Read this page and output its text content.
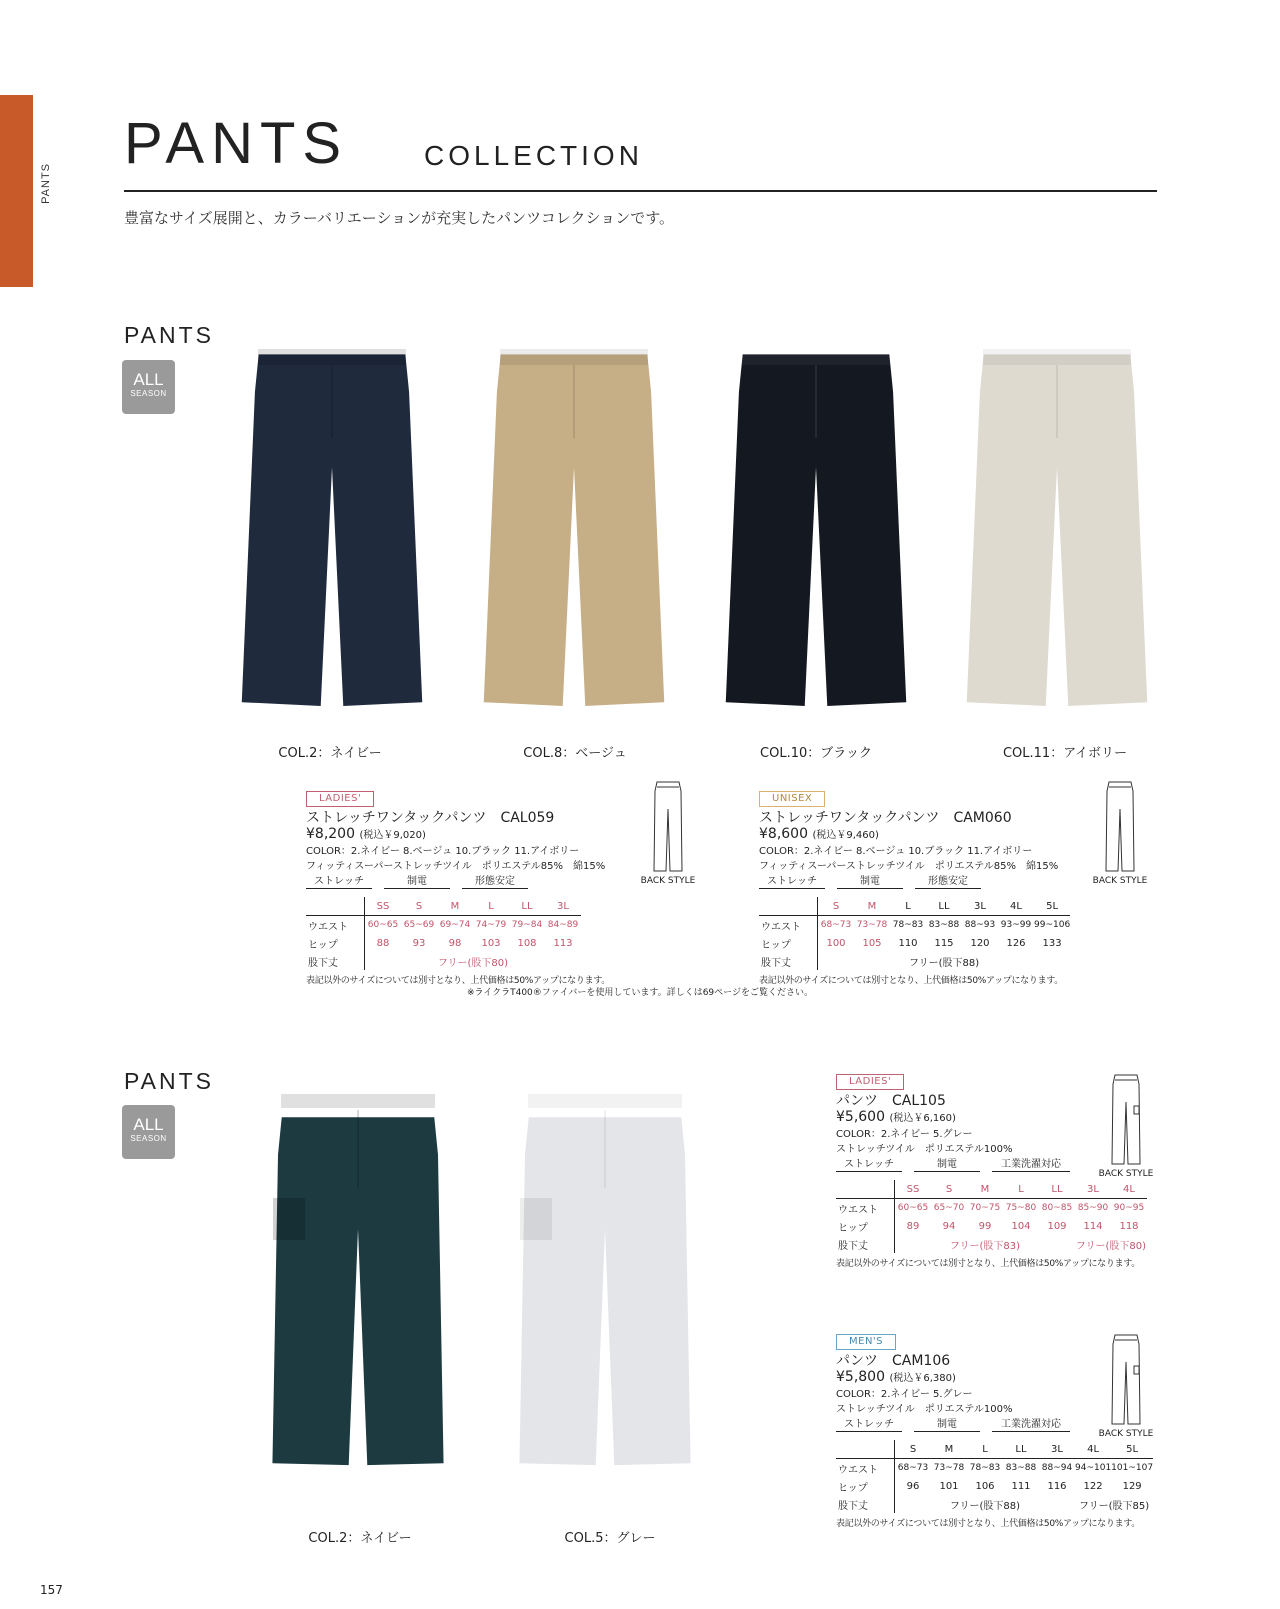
PANTS
PANTS	COLLECTION
豊富なサイズ展開と、カラーバリエーションが充実したパンツコレクションです。
PANTS
ALL
SEASON
COL.2：ネイビー	COL.8：ベージュ	COL.10：ブラック	COL.11：アイボリー
LADIES'
ストレッチワンタックパンツ　CAL059
¥8,200 (税込￥9,020)
COLOR：2.ネイビー 8.ベージュ 10.ブラック 11.アイボリー
フィッティスーパーストレッチツイル　ポリエステル85%　綿15%
ストレッチ	制電	形態安定
	SS	S	M	L	LL	3L
ウエスト	60~65	65~69	69~74	74~79	79~84	84~89
ヒップ	88	93	98	103	108	113
股下丈	フリー(股下80)					
表記以外のサイズについては別寸となり、上代価格は50%アップになります。
BACK STYLE
UNISEX
ストレッチワンタックパンツ　CAM060
¥8,600 (税込￥9,460)
COLOR：2.ネイビー 8.ベージュ 10.ブラック 11.アイボリー
フィッティスーパーストレッチツイル　ポリエステル85%　綿15%
ストレッチ	制電	形態安定
	S	M	L	LL	3L	4L	5L
ウエスト	68~73	73~78	78~83	83~88	88~93	93~99	99~106
ヒップ	100	105	110	115	120	126	133
股下丈	フリー(股下88)						
表記以外のサイズについては別寸となり、上代価格は50%アップになります。
BACK STYLE
※ライクラT400®ファイバーを使用しています。詳しくは69ページをご覧ください。
PANTS
ALL
SEASON
COL.2：ネイビー	COL.5：グレー
LADIES'
パンツ　CAL105
¥5,600 (税込￥6,160)
COLOR：2.ネイビー 5.グレー
ストレッチツイル　ポリエステル100%
ストレッチ	制電	工業洗濯対応
	SS	S	M	L	LL	3L	4L
ウエスト	60~65	65~70	70~75	75~80	80~85	85~90	90~95
ヒップ	89	94	99	104	109	114	118
股下丈	フリー(股下83)					フリー(股下80)	
表記以外のサイズについては別寸となり、上代価格は50%アップになります。
BACK STYLE
MEN'S
パンツ　CAM106
¥5,800 (税込￥6,380)
COLOR：2.ネイビー 5.グレー
ストレッチツイル　ポリエステル100%
ストレッチ	制電	工業洗濯対応
	S	M	L	LL	3L	4L	5L
ウエスト	68~73	73~78	78~83	83~88	88~94	94~101	101~107
ヒップ	96	101	106	111	116	122	129
股下丈	フリー(股下88)					フリー(股下85)	
表記以外のサイズについては別寸となり、上代価格は50%アップになります。
BACK STYLE
157
